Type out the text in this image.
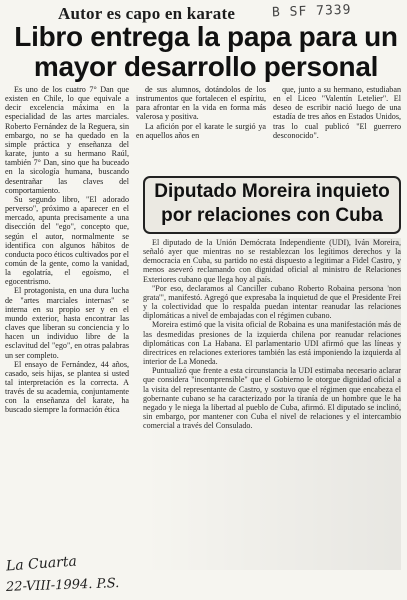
Autor es capo en karate	B SF 7339
Libro entrega la papa para un mayor desarrollo personal

Es uno de los cuatro 7° Dan que existen en Chile, lo que equivale a decir excelencia máxima en la especialidad de las artes marciales. Roberto Fernández de la Reguera, sin embargo, no se ha quedado en la simple práctica y enseñanza del karate, junto a su hermano Raúl, también 7° Dan, sino que ha buceado en la sicología humana, buscando desentrañar las claves del comportamiento.

Su segundo libro, "El adorado perverso", próximo a aparecer en el mercado, apunta precisamente a una disección del "ego", concepto que, según el autor, normalmente se identifica con algunos hábitos de conducta poco éticos cultivados por el común de la gente, como la vanidad, la egolatría, el egoísmo, el egocentrismo.

El protagonista, en una dura lucha de "artes marciales internas" se interna en su propio ser y en el mundo exterior, hasta encontrar las claves que liberan su conciencia y lo hacen un individuo libre de la esclavitud del "ego", en otras palabras un ser completo.

El ensayo de Fernández, 44 años, casado, seis hijas, se plantea si usted tal interpretación es la correcta. A través de su academia, conjuntamente con la enseñanza del karate, ha buscado siempre la formación ética

de sus alumnos, dotándolos de los instrumentos que fortalecen el espíritu, para afrontar en la vida en forma más valerosa y positiva.

La afición por el karate le surgió ya en aquellos años en

que, junto a su hermano, estudiaban en el Liceo "Valentín Letelier". El deseo de escribir nació luego de una estadía de tres años en Estados Unidos, tras lo cual publicó "El guerrero desconocido".

Diputado Moreira inquieto por relaciones con Cuba

El diputado de la Unión Demócrata Independiente (UDI), Iván Moreira, señaló ayer que mientras no se restablezcan los legítimos derechos y la democracia en Cuba, su partido no está dispuesto a legitimar a Fidel Castro, y menos aseveró reclamando con dignidad oficial al ministro de Relaciones Exteriores cubano que llega hoy al país.

"Por eso, declaramos al Canciller cubano Roberto Robaina persona 'non grata'", manifestó. Agregó que expresaba la inquietud de que el Presidente Frei y la colectividad que lo respalda puedan intentar reanudar las relaciones diplomáticas a nivel de embajadas con el régimen cubano.

Moreira estimó que la visita oficial de Robaina es una manifestación más de las desmedidas presiones de la izquierda chilena por reanudar relaciones diplomáticas con La Habana. El parlamentario UDI afirmó que las líneas y directrices en relaciones exteriores también las está imponiendo la izquierda al interior de La Moneda.

Puntualizó que frente a esta circunstancia la UDI estimaba necesario aclarar que considera "incomprensible" que el Gobierno le otorgue dignidad oficial a la visita del representante de Castro, y sostuvo que el régimen que encabeza el gobernante cubano se ha caracterizado por la tiranía de un hombre que le ha negado y le niega la libertad al pueblo de Cuba, afirmó. El diputado se inclinó, sin embargo, por mantener con Cuba el nivel de relaciones y el intercambio comercial a través del Consulado.

La Cuarta
22-VIII-1994. P.S.
